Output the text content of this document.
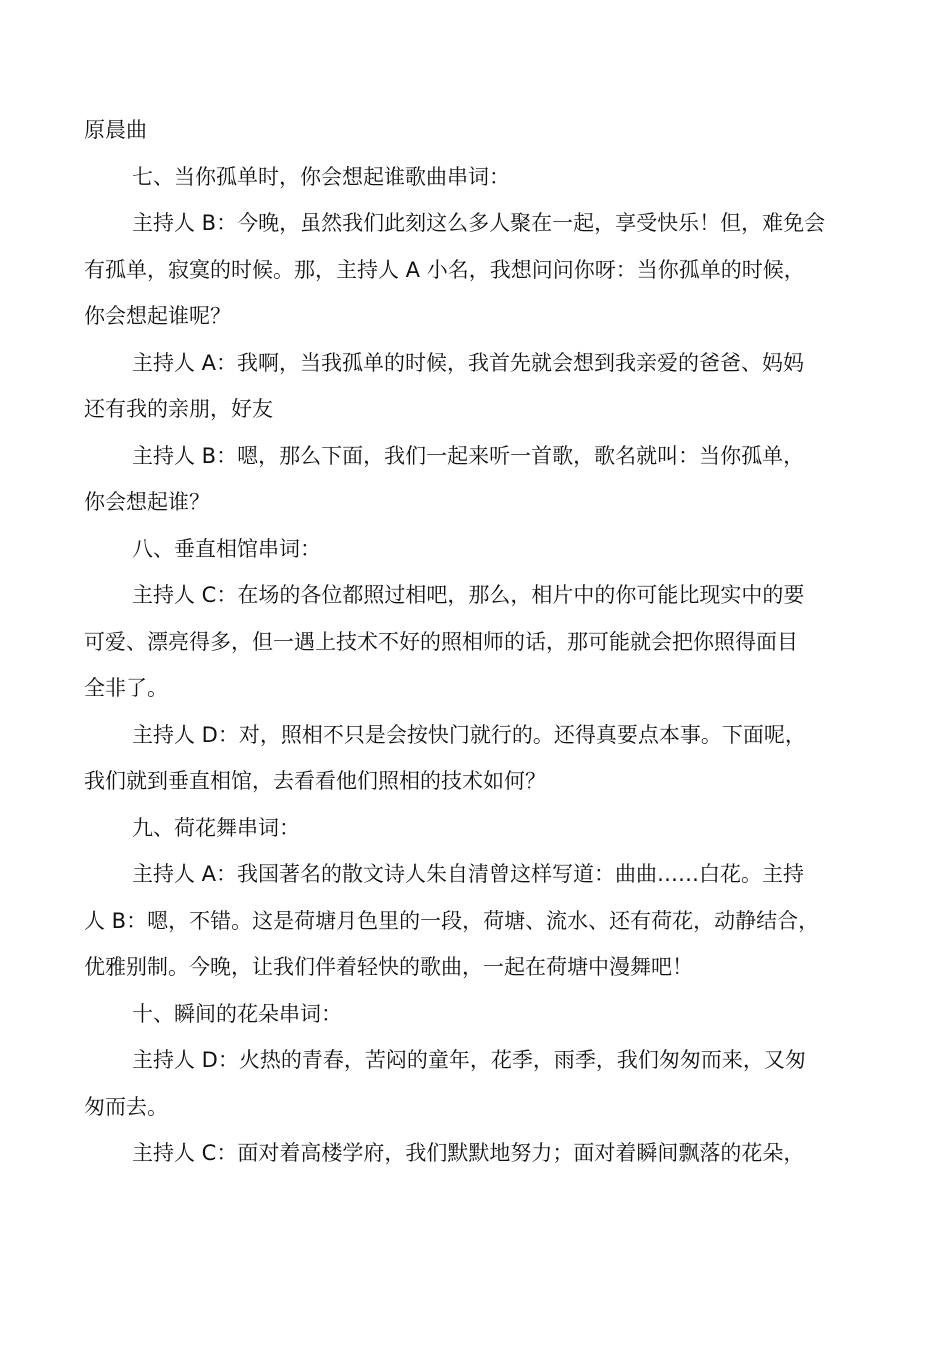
原晨曲
七、当你孤单时，你会想起谁歌曲串词：
主持人 B：今晚，虽然我们此刻这么多人聚在一起，享受快乐！但，难免会
有孤单，寂寞的时候。那，主持人 A 小名，我想问问你呀：当你孤单的时候，
你会想起谁呢？
主持人 A：我啊，当我孤单的时候，我首先就会想到我亲爱的爸爸、妈妈
还有我的亲朋，好友
主持人 B：嗯，那么下面，我们一起来听一首歌，歌名就叫：当你孤单，
你会想起谁？
八、垂直相馆串词：
主持人 C：在场的各位都照过相吧，那么，相片中的你可能比现实中的要
可爱、漂亮得多，但一遇上技术不好的照相师的话，那可能就会把你照得面目
全非了。
主持人 D：对，照相不只是会按快门就行的。还得真要点本事。下面呢，
我们就到垂直相馆，去看看他们照相的技术如何？
九、荷花舞串词：
主持人 A：我国著名的散文诗人朱自清曾这样写道：曲曲……白花。主持
人 B：嗯，不错。这是荷塘月色里的一段，荷塘、流水、还有荷花，动静结合，
优雅别制。今晚，让我们伴着轻快的歌曲，一起在荷塘中漫舞吧！
十、瞬间的花朵串词：
主持人 D：火热的青春，苦闷的童年，花季，雨季，我们匆匆而来，又匆
匆而去。
主持人 C：面对着高楼学府，我们默默地努力；面对着瞬间飘落的花朵，
